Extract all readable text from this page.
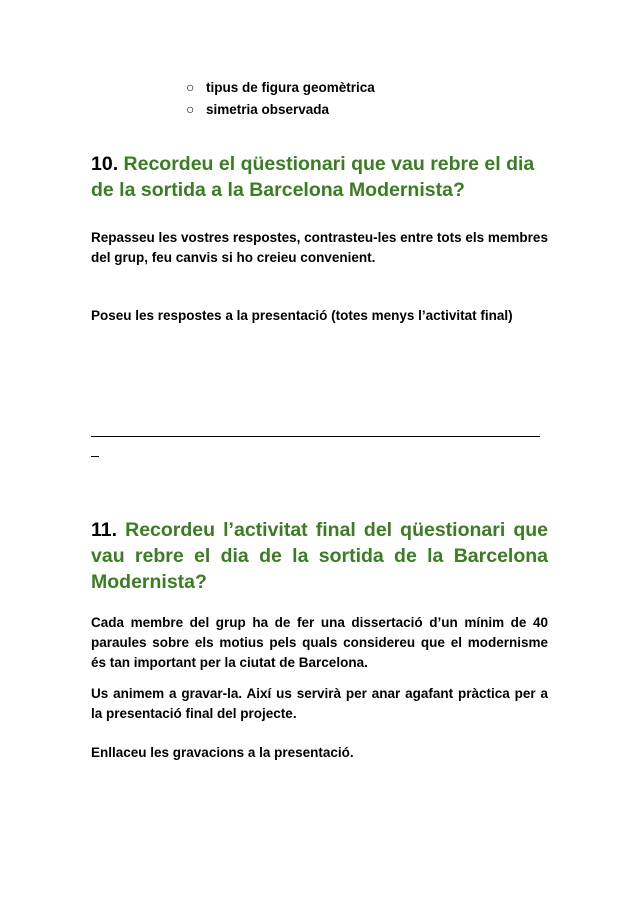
○ tipus de figura geomètrica
○ simetria observada
10. Recordeu el qüestionari que vau rebre el dia de la sortida a la Barcelona Modernista?

Repasseu les vostres respostes, contrasteu-les entre tots els membres del grup, feu canvis si ho creieu convenient.

Poseu les respostes a la presentació (totes menys l’activitat final)

11. Recordeu l’activitat final del qüestionari que vau rebre el dia de la sortida de la Barcelona Modernista?

Cada membre del grup ha de fer una dissertació d’un mínim de 40 paraules sobre els motius pels quals considereu que el modernisme és tan important per la ciutat de Barcelona.

Us animem a gravar-la. Així us servirà per anar agafant pràctica per a la presentació final del projecte.

Enllaceu les gravacions a la presentació.
